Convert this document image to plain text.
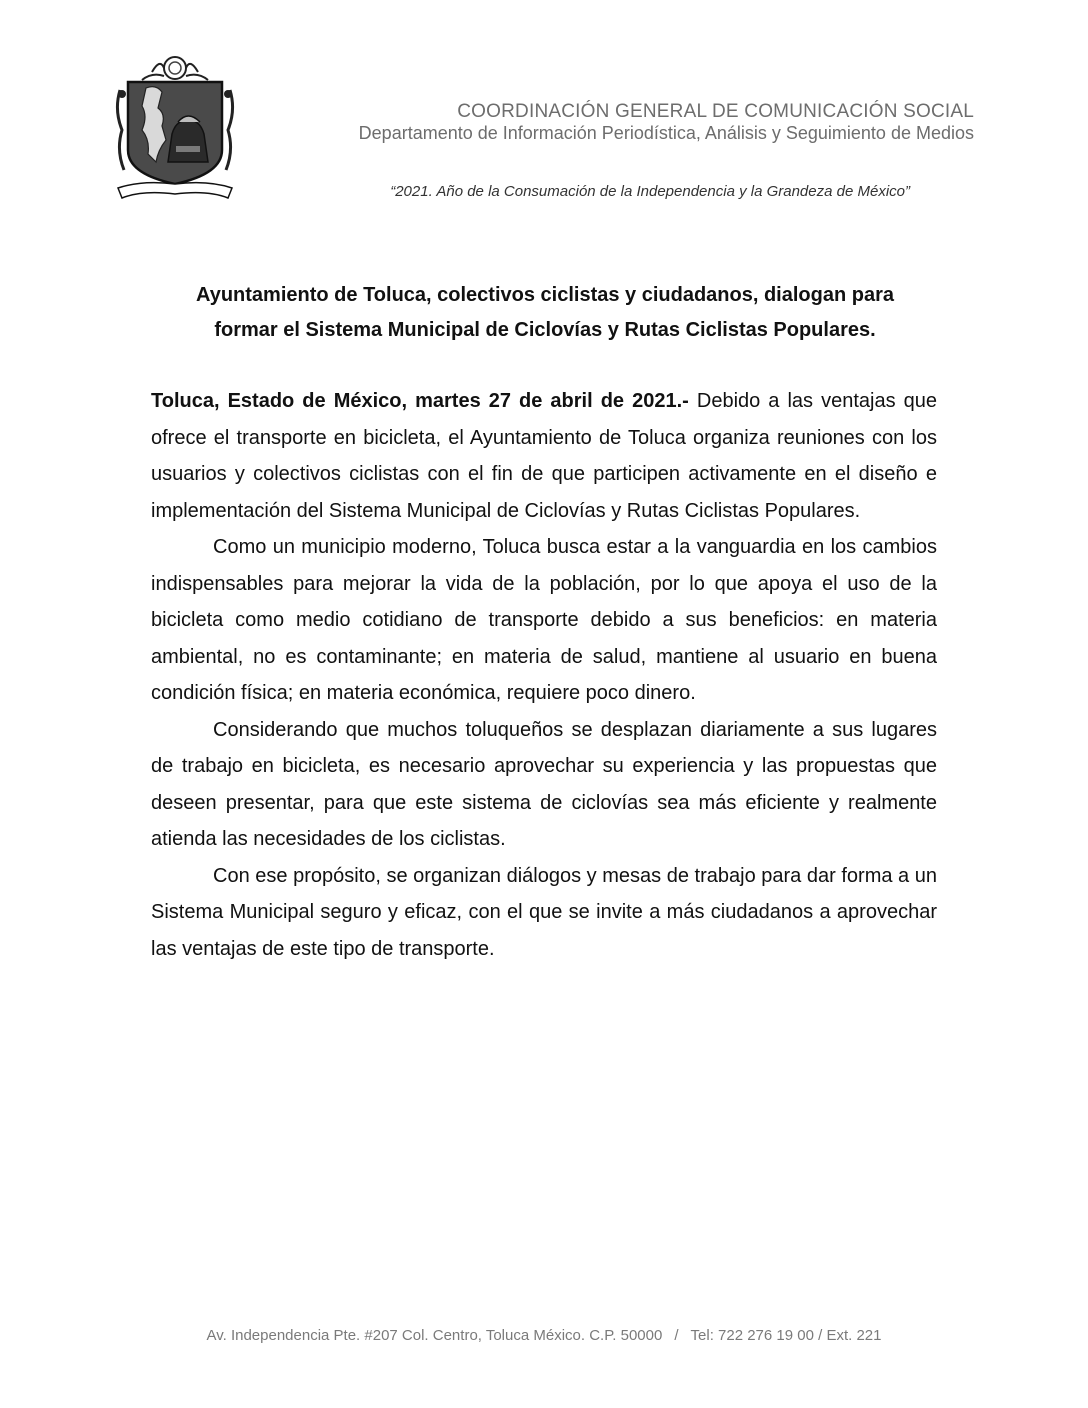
COORDINACIÓN GENERAL DE COMUNICACIÓN SOCIAL
Departamento de Información Periodística, Análisis y Seguimiento de Medios
“2021. Año de la Consumación de la Independencia y la Grandeza de México”
Ayuntamiento de Toluca, colectivos ciclistas y ciudadanos, dialogan para
formar el Sistema Municipal de Ciclovías y Rutas Ciclistas Populares.

Toluca, Estado de México, martes 27 de abril de 2021.- Debido a las ventajas que ofrece el transporte en bicicleta, el Ayuntamiento de Toluca organiza reuniones con los usuarios y colectivos ciclistas con el fin de que participen activamente en el diseño e implementación del Sistema Municipal de Ciclovías y Rutas Ciclistas Populares.

Como un municipio moderno, Toluca busca estar a la vanguardia en los cambios indispensables para mejorar la vida de la población, por lo que apoya el uso de la bicicleta como medio cotidiano de transporte debido a sus beneficios: en materia ambiental, no es contaminante; en materia de salud, mantiene al usuario en buena condición física; en materia económica, requiere poco dinero.

Considerando que muchos toluqueños se desplazan diariamente a sus lugares de trabajo en bicicleta, es necesario aprovechar su experiencia y las propuestas que deseen presentar, para que este sistema de ciclovías sea más eficiente y realmente atienda las necesidades de los ciclistas.

Con ese propósito, se organizan diálogos y mesas de trabajo para dar forma a un Sistema Municipal seguro y eficaz, con el que se invite a más ciudadanos a aprovechar las ventajas de este tipo de transporte.

Av. Independencia Pte. #207 Col. Centro, Toluca México. C.P. 50000 / Tel: 722 276 19 00 / Ext. 221
